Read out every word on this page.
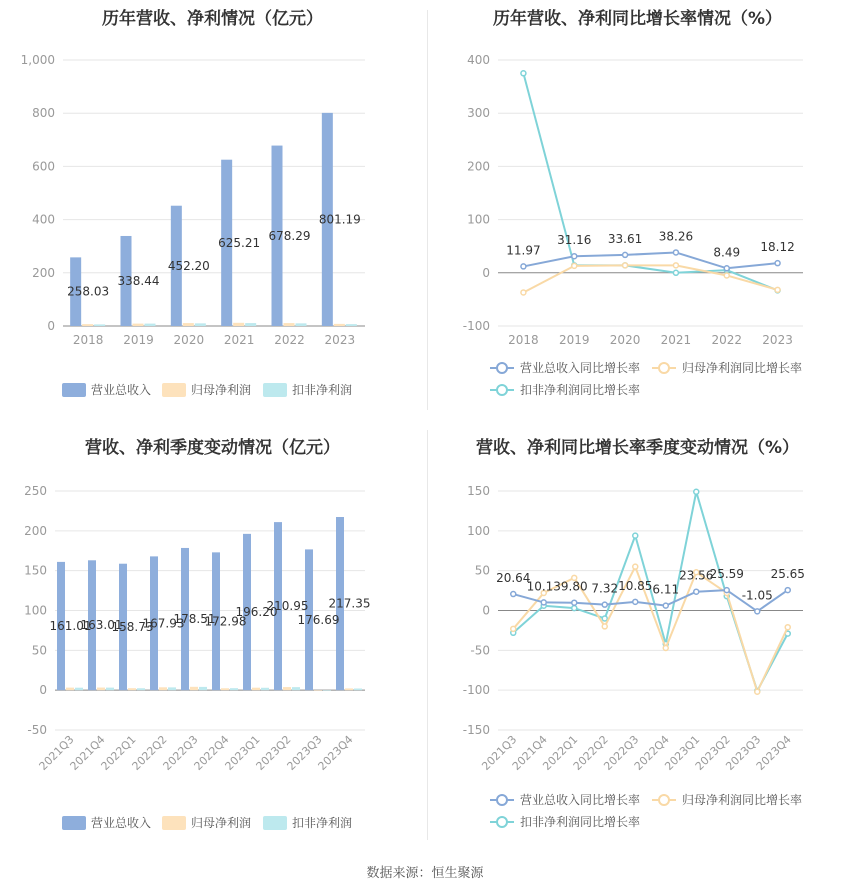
历年营收、净利情况（亿元）
0
200
400
600
800
1,000
2018 2019 2020 2021 2022 2023
258.03
338.44
452.20
625.21
678.29
801.19
营业总收入	归母净利润	扣非净利润
历年营收、净利同比增长率情况（%）
-100
0
100
200
300
400
2018 2019 2020 2021 2022 2023
11.97
31.16 33.61 38.26
8.49 18.12
营业总收入同比增长率	归母净利润同比增长率
扣非净利润同比增长率
营收、净利季度变动情况（亿元）
-50
0
50
100
150
200
250
2021Q3
2021Q4
2022Q1
2022Q2
2022Q3
2022Q4
2023Q1
2023Q2
2023Q3
2023Q4
161.01
163.01
158.73
167.93
178.51
172.98
196.20
210.95
176.69
217.35
营业总收入	归母净利润	扣非净利润
营收、净利同比增长率季度变动情况（%）
-150
-100
-50
0
50
100
150
2021Q3
2021Q4
2022Q1
2022Q2
2022Q3
2022Q4
2023Q1
2023Q2
2023Q3
2023Q4
20.64
10.13 9.80 7.32 10.85 6.11
23.56
25.59
-1.05
25.65
营业总收入同比增长率	归母净利润同比增长率
扣非净利润同比增长率
数据来源：恒生聚源
